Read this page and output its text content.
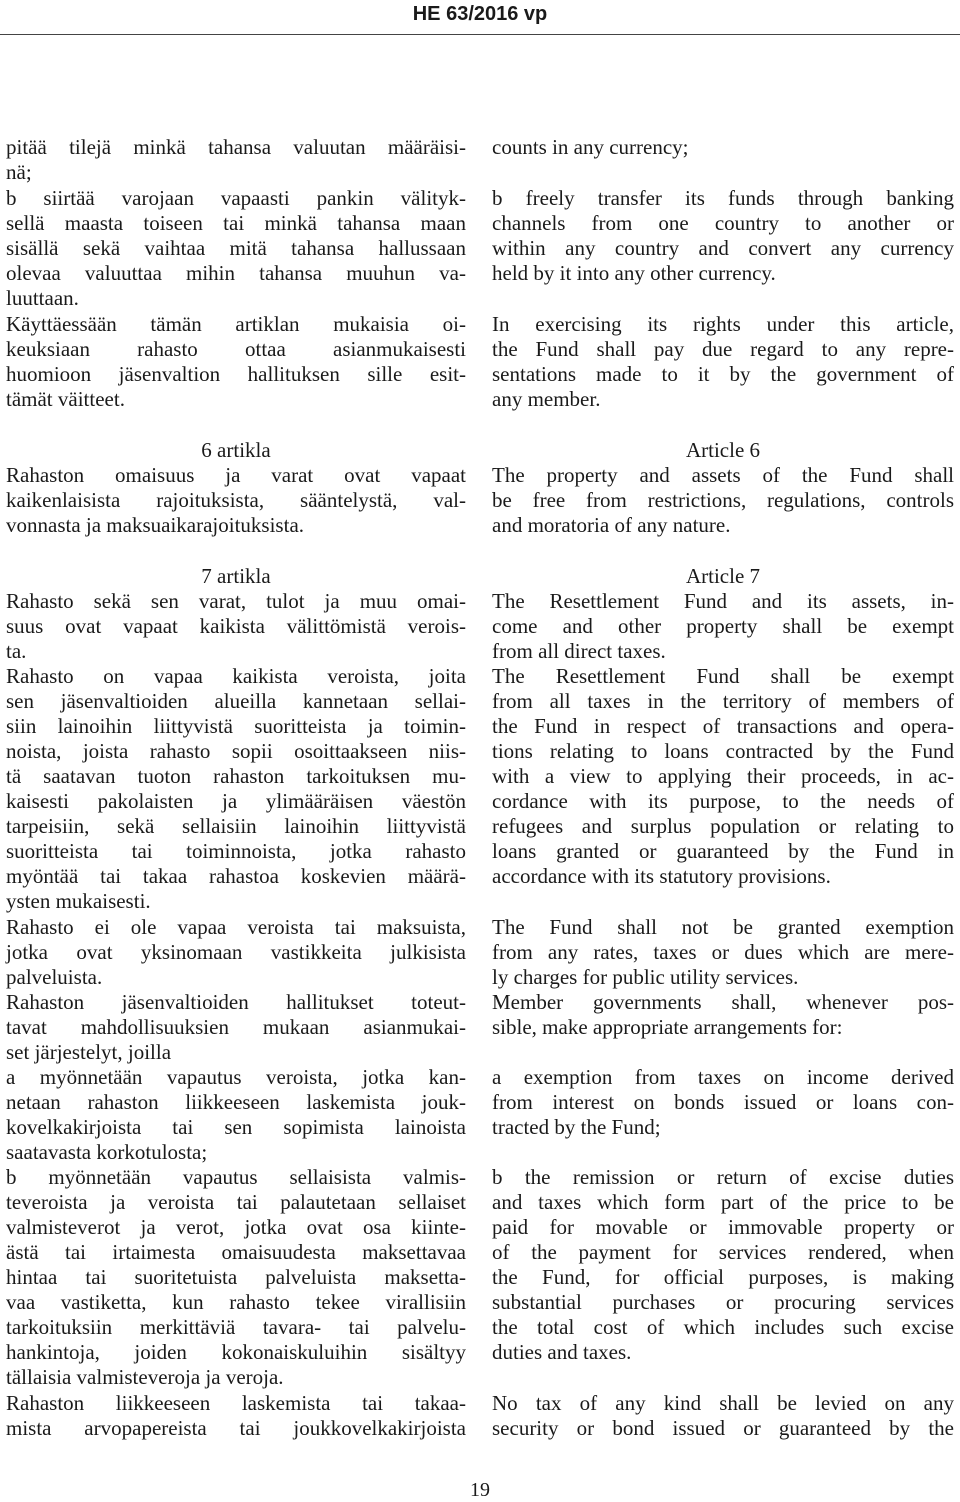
HE 63/2016 vp
pitää tilejä minkä tahansa valuutan määräisi-
nä;
b siirtää varojaan vapaasti pankin välityk-
sellä maasta toiseen tai minkä tahansa maan
sisällä sekä vaihtaa mitä tahansa hallussaan
olevaa valuuttaa mihin tahansa muuhun va-
luuttaan.
Käyttäessään tämän artiklan mukaisia oi-
keuksiaan rahasto ottaa asianmukaisesti
huomioon jäsenvaltion hallituksen sille esit-
tämät väitteet.
6 artikla
Rahaston omaisuus ja varat ovat vapaat
kaikenlaisista rajoituksista, sääntelystä, val-
vonnasta ja maksuaikarajoituksista.
7 artikla
Rahasto sekä sen varat, tulot ja muu omai-
suus ovat vapaat kaikista välittömistä verois-
ta.
Rahasto on vapaa kaikista veroista, joita
sen jäsenvaltioiden alueilla kannetaan sellai-
siin lainoihin liittyvistä suoritteista ja toimin-
noista, joista rahasto sopii osoittaakseen niis-
tä saatavan tuoton rahaston tarkoituksen mu-
kaisesti pakolaisten ja ylimääräisen väestön
tarpeisiin, sekä sellaisiin lainoihin liittyvistä
suoritteista tai toiminnoista, jotka rahasto
myöntää tai takaa rahastoa koskevien määrä-
ysten mukaisesti.
Rahasto ei ole vapaa veroista tai maksuista,
jotka ovat yksinomaan vastikkeita julkisista
palveluista.
Rahaston jäsenvaltioiden hallitukset toteut-
tavat mahdollisuuksien mukaan asianmukai-
set järjestelyt, joilla
a myönnetään vapautus veroista, jotka kan-
netaan rahaston liikkeeseen laskemista jouk-
kovelkakirjoista tai sen sopimista lainoista
saatavasta korkotulosta;
b myönnetään vapautus sellaisista valmis-
teveroista ja veroista tai palautetaan sellaiset
valmisteverot ja verot, jotka ovat osa kiinte-
ästä tai irtaimesta omaisuudesta maksettavaa
hintaa tai suoritetuista palveluista maksetta-
vaa vastiketta, kun rahasto tekee virallisiin
tarkoituksiin merkittäviä tavara- tai palvelu-
hankintoja, joiden kokonaiskuluihin sisältyy
tällaisia valmisteveroja ja veroja.
Rahaston liikkeeseen laskemista tai takaa-
mista arvopapereista tai joukkovelkakirjoista
counts in any currency;
b freely transfer its funds through banking
channels from one country to another or
within any country and convert any currency
held by it into any other currency.
In exercising its rights under this article,
the Fund shall pay due regard to any repre-
sentations made to it by the government of
any member.
Article 6
The property and assets of the Fund shall
be free from restrictions, regulations, controls
and moratoria of any nature.
Article 7
The Resettlement Fund and its assets, in-
come and other property shall be exempt
from all direct taxes.
The Resettlement Fund shall be exempt
from all taxes in the territory of members of
the Fund in respect of transactions and opera-
tions relating to loans contracted by the Fund
with a view to applying their proceeds, in ac-
cordance with its purpose, to the needs of
refugees and surplus population or relating to
loans granted or guaranteed by the Fund in
accordance with its statutory provisions.
The Fund shall not be granted exemption
from any rates, taxes or dues which are mere-
ly charges for public utility services.
Member governments shall, whenever pos-
sible, make appropriate arrangements for:
a exemption from taxes on income derived
from interest on bonds issued or loans con-
tracted by the Fund;
b the remission or return of excise duties
and taxes which form part of the price to be
paid for movable or immovable property or
of the payment for services rendered, when
the Fund, for official purposes, is making
substantial purchases or procuring services
the total cost of which includes such excise
duties and taxes.
No tax of any kind shall be levied on any
security or bond issued or guaranteed by the
19
